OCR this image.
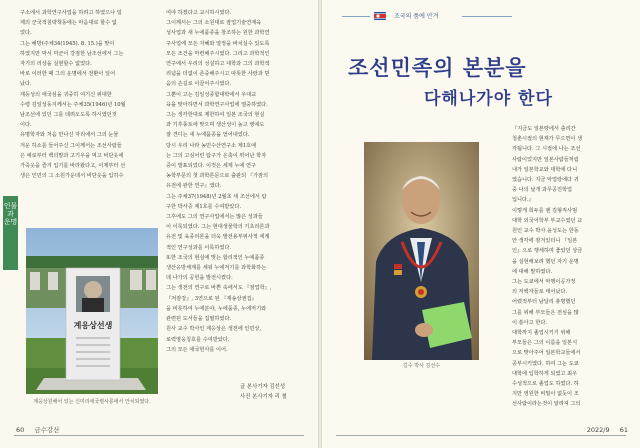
구소에서 과학연구사업을 하려고 하였으나 일

제의 군국적침략책동에는 마음대로 할수 없

었다.

그는 해방(주체34(1945). 8. 15.)을 맞이

하였지만 막서 미군이 강점한 남조선에서 그는

자기의 리상을 실현할수 없었다.

바로 이러한 때 그의 운명에서 전환이 일어

났다.

재등성의 애국심을 귀중히 여기신 위대한

수령 김일성동지께서는 주체35(1946)년 10월

남조선에 있던 그를 데려오도록 하시였던것

이다.

유명학자와 처음 만나신 자리에서 그의 눈물

겨운 하소를 들어주신 그이께서는 조선사람들

은 예로부터 백의말과 고기우을 먹고 비단옷에

가죽옷을 즐겨 입기를 바라왔다고, 이제부터 선

생은 인민의 그 소원가운데서 비단옷을 입히수

여야 하겠다고 교시하시였다.

그이께서는 그의 소원대로 잠업기술연계육

성사업과 새 누에품종을 창조하는 원한 과학연

구사업에 모든 지혜와 열정을 바치실수 있도록

모든 조건을 마련해주시였다. 그리고 과학적인

연구에서 우리의 성실하고 대학과 그의 과학적

리념을 더없이 존중해주시고 따뜻한 사랑과 믿

음의 손길로 이끌어주시였다.

그뿐이 고는 김일성종합대학에서 우대교

육을 맞아하면서 과학연구사업에 열중하였다.

그는 생각한대로 제한하여 일본 조국의 현실

과 기후풍토에 맞으며 생산성이 높고 병에도

잘 견디는 새 누에품종을 얻어내었다.

당시 우리 나라 농민수산연구소 제1호에

는 그의 고심어린 탐구가 온축이 뛰어난 학자

증이 발표되었다. 이것은 세계 누에 연구

농학부문의 첫 과학론문으로 출판되 『가잠의

유전에 관한 연구』였다.

그는 주체37(1948)년 2월초 세 조선에서 탐

구한 박사증 제1호를 수여받았다.

그후에도 그의 연구사업에서는 많은 성과들

이 이룩되였다. 그는 현대생물학의 기초리론과

유전 및 육종리론을 더욱 발전용부위사적 세계

적인 연구성과를 이룩하였다.

또한 조국의 현실에 맞는 합리적인 누에품종

생산응방체계를 세워 누에저기를 과학화하는

데 나가의 공헌을 발전시켰다.

그는 생전의 연구로 바쁜 속에서도 『잠업학』,

『저잠강』, 3연으로 된 『재송상권집』

을 비롯하여 누에분야, 누에품종, 누에저기와

관련된 도서들을 집필하였다.

원사 교수 박사인 계응상은 생전에 인민상,

로력영웅칭호를 수여받았다.

그의 모든 애국헌사를 이어.

인물과 운명
계응상선생
계응상원해어 있는 신미리애국렬사릉에서 안치되였다.
글 본사기자 김선성
사진 본사기자 리 철
60 금수강산
조국의 품에 안겨
조선민족의 본분을
다해나가야 한다
길수 박사 김선수

『지금도 일본땅에서 출리간

청춘시절의 현재가 무으면이 생

각됩니다. 그 시절에 나는 조선

사람이었지만 일본사람들처럼

내가 일본학교와 대학에 다니

였습니다. 지금 악업랑에다 귀

중 나의 날개 과무공진학업

입니다.』

이렇게 희두를 뗀 김형직사범

대학 외국어학부 부교수였던 교

원인 교수 박사 윤성도는 한동

안 생각에 잠겨있더니 『일본

인』으로 행세하며 좋았던 상금

을 실현해보려 했던 자기 운명

에 대해 말하였다.

그는 도쿄에서 악행이공가정

의 저백자들로 태어났다.

어렸적부터 남달리 총명했던

그를 위해 부모들은 전심을 많

이 쏟아고 한다.

대학까지 졸업시키기 위해

부모들은 그의 이름을 일본식

으로 맞아주어 일본학교들에서

공부시키였다. 하여 그는 도쿄

대학에 입학하게 되였고 최우

수성적으로 졸업도 하였다. 하

지만 영원한 비밀이 없듯이 조

선사람이라는것이 알려져 그의

2022/9 61
